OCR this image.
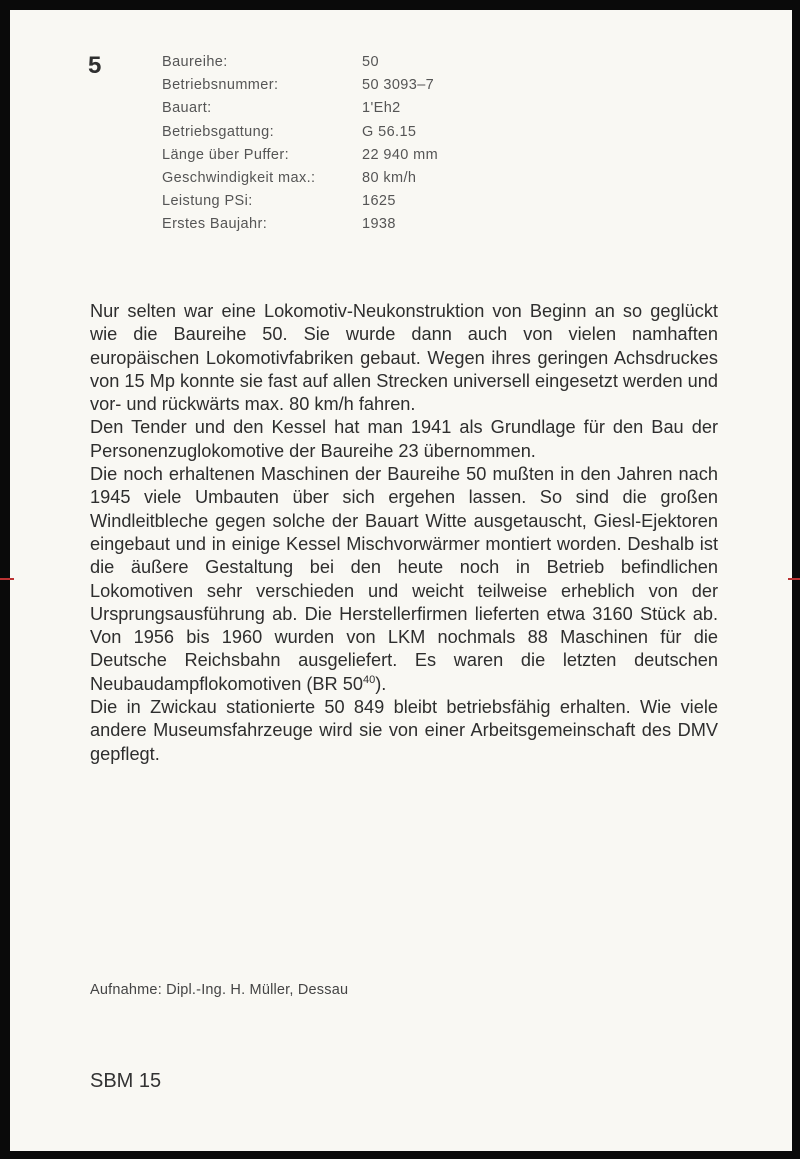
5	Baureihe:	50
Betriebsnummer:	50 3093–7
Bauart:	1'Eh2
Betriebsgattung:	G 56.15
Länge über Puffer:	22 940 mm
Geschwindigkeit max.:	80 km/h
Leistung PSi:	1625
Erstes Baujahr:	1938

Nur selten war eine Lokomotiv-Neukonstruktion von Beginn an so geglückt wie die Baureihe 50. Sie wurde dann auch von vielen namhaften europäischen Lokomotivfabriken gebaut. Wegen ihres geringen Achsdruckes von 15 Mp konnte sie fast auf allen Strecken universell eingesetzt werden und vor- und rückwärts max. 80 km/h fahren.

Den Tender und den Kessel hat man 1941 als Grundlage für den Bau der Personenzuglokomotive der Baureihe 23 übernommen.

Die noch erhaltenen Maschinen der Baureihe 50 mußten in den Jahren nach 1945 viele Umbauten über sich ergehen lassen. So sind die großen Windleitbleche gegen solche der Bauart Witte ausgetauscht, Giesl-Ejektoren eingebaut und in einige Kessel Mischvorwärmer montiert worden. Deshalb ist die äußere Gestaltung bei den heute noch in Betrieb befindlichen Lokomotiven sehr verschieden und weicht teilweise erheblich von der Ursprungsausführung ab. Die Herstellerfirmen lieferten etwa 3160 Stück ab. Von 1956 bis 1960 wurden von LKM nochmals 88 Maschinen für die Deutsche Reichsbahn ausgeliefert. Es waren die letzten deutschen Neubaudampflokomotiven (BR $50^{40}$).

Die in Zwickau stationierte 50 849 bleibt betriebsfähig erhalten. Wie viele andere Museumsfahrzeuge wird sie von einer Arbeitsgemeinschaft des DMV gepflegt.

Aufnahme: Dipl.-Ing. H. Müller, Dessau
SBM 15
